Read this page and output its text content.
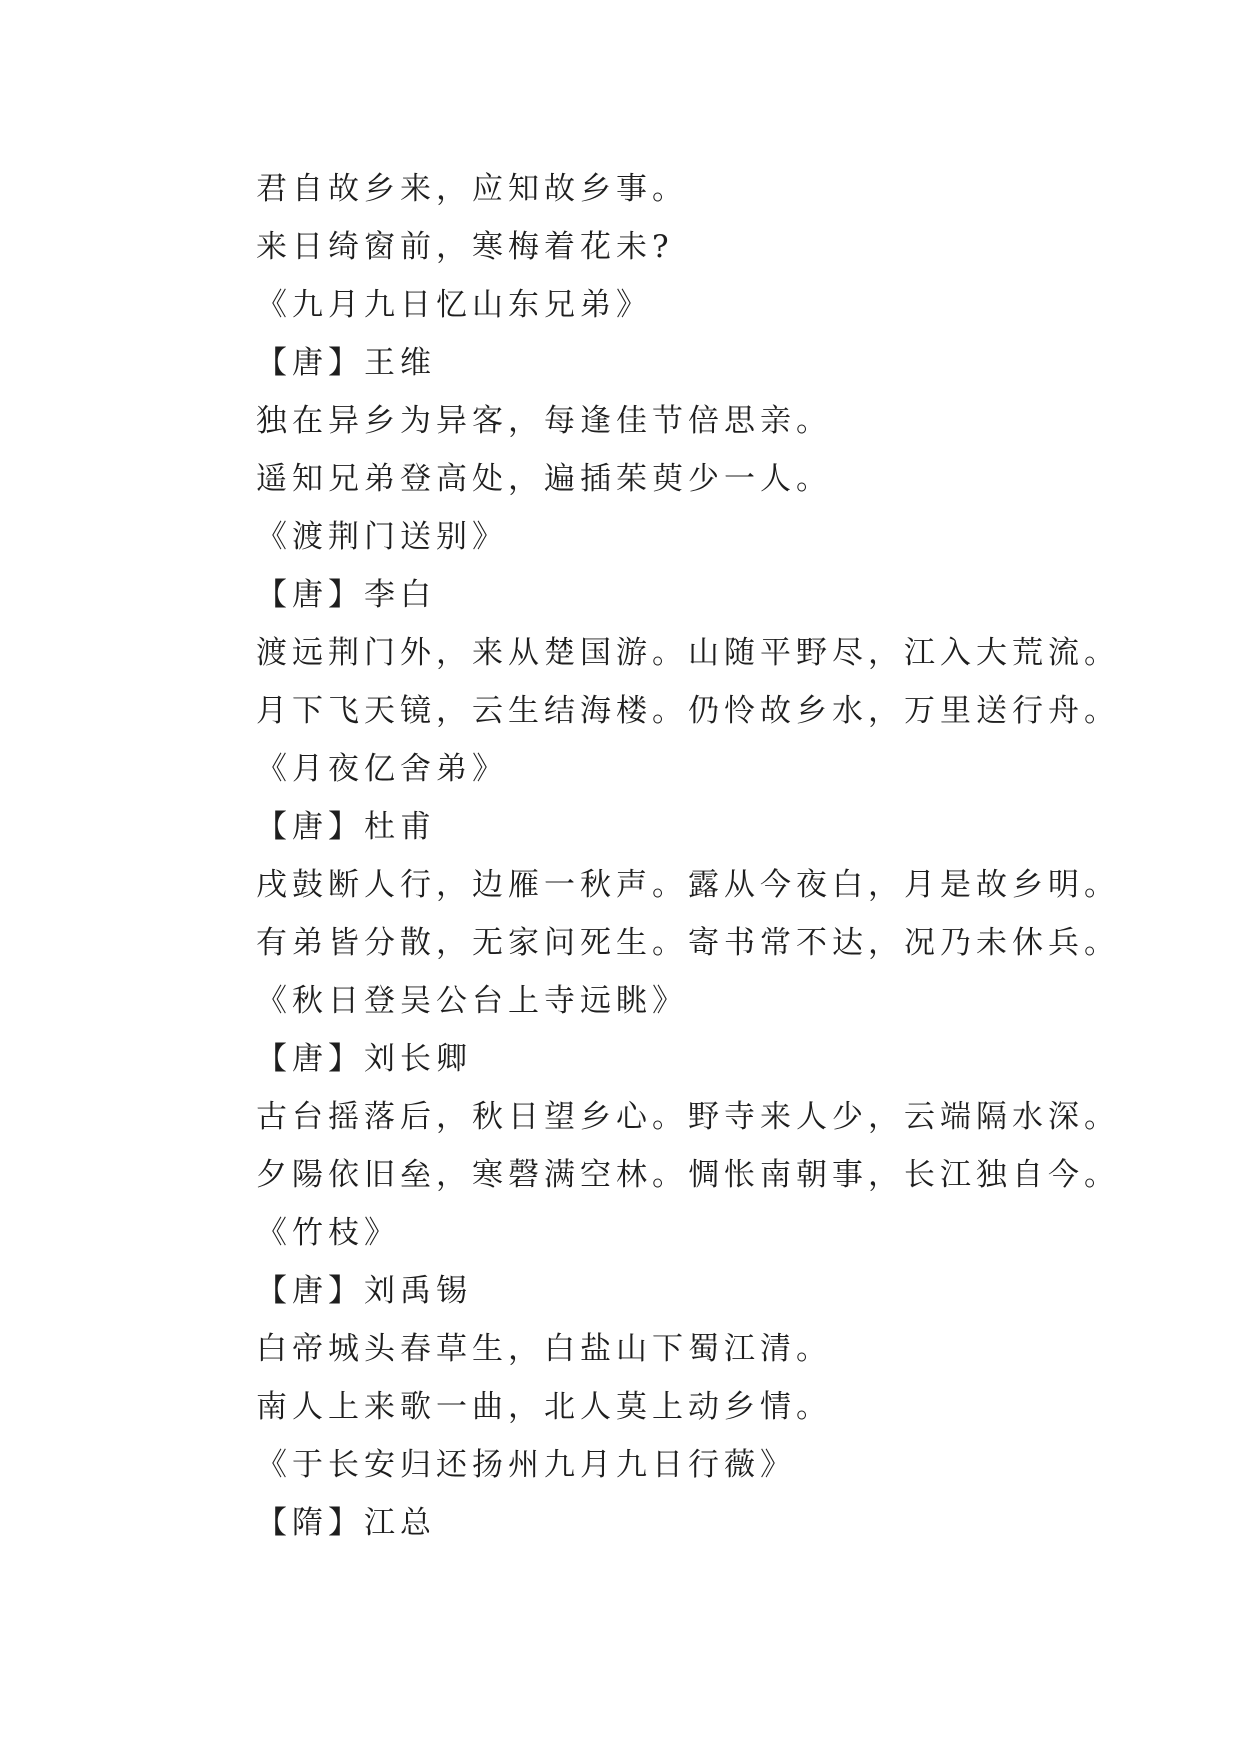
君自故乡来，应知故乡事。
来日绮窗前，寒梅着花未?
《九月九日忆山东兄弟》
【唐】王维
独在异乡为异客，每逢佳节倍思亲。
遥知兄弟登高处，遍插茱萸少一人。
《渡荆门送别》
【唐】李白
渡远荆门外，来从楚国游。山随平野尽，江入大荒流。
月下飞天镜，云生结海楼。仍怜故乡水，万里送行舟。
《月夜亿舍弟》
【唐】杜甫
戌鼓断人行，边雁一秋声。露从今夜白，月是故乡明。
有弟皆分散，无家问死生。寄书常不达，况乃未休兵。
《秋日登吴公台上寺远眺》
【唐】刘长卿
古台摇落后，秋日望乡心。野寺来人少，云端隔水深。
夕陽依旧垒，寒磬满空林。惆怅南朝事，长江独自今。
《竹枝》
【唐】刘禹锡
白帝城头春草生，白盐山下蜀江清。
南人上来歌一曲，北人莫上动乡情。
《于长安归还扬州九月九日行薇》
【隋】江总
